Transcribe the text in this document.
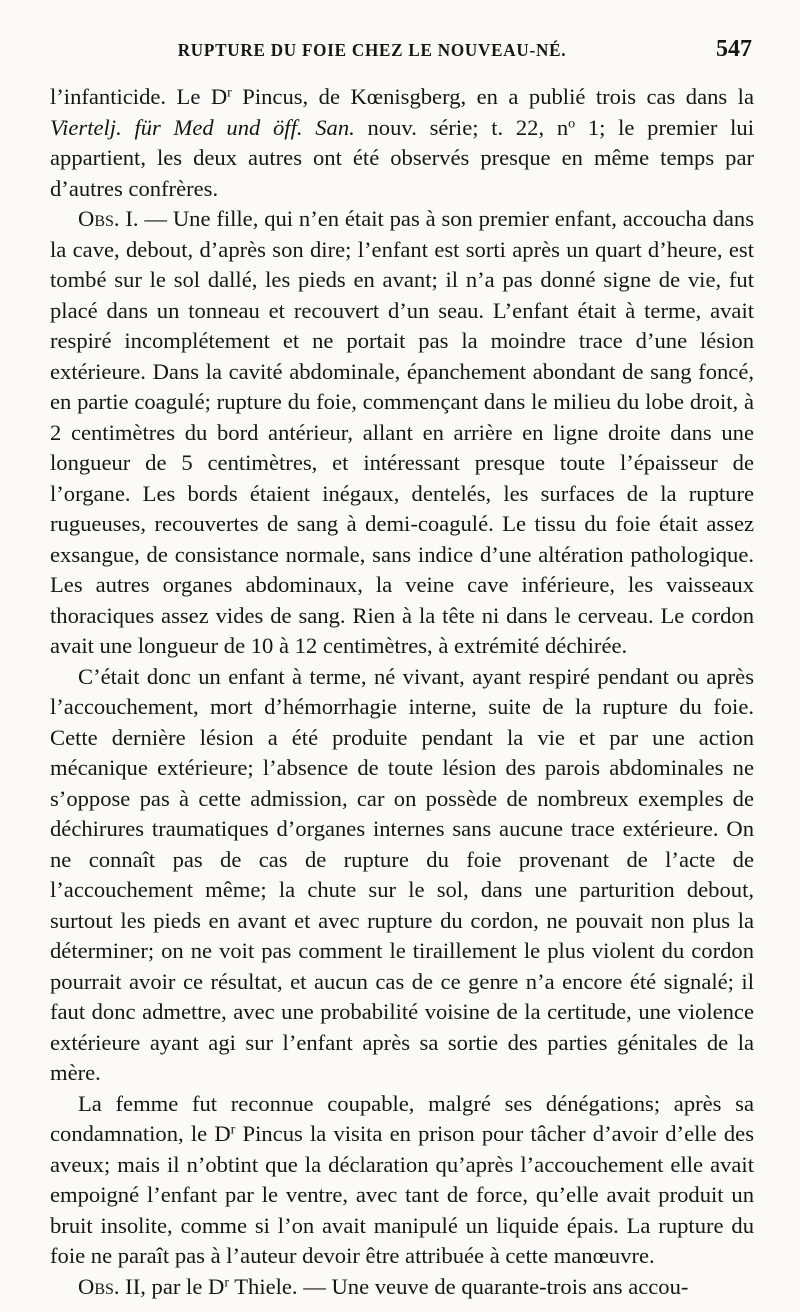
RUPTURE DU FOIE CHEZ LE NOUVEAU-NÉ.	547

l’infanticide. Le $D^r$ Pincus, de Kœnisgberg, en a publié trois cas dans la Viertelj. für Med und öff. San. nouv. série; t. 22, $n^o$ 1; le premier lui appartient, les deux autres ont été observés presque en même temps par d’autres confrères.

Obs. I. — Une fille, qui n’en était pas à son premier enfant, accoucha dans la cave, debout, d’après son dire; l’enfant est sorti après un quart d’heure, est tombé sur le sol dallé, les pieds en avant; il n’a pas donné signe de vie, fut placé dans un tonneau et recouvert d’un seau. L’enfant était à terme, avait respiré incomplétement et ne portait pas la moindre trace d’une lésion extérieure. Dans la cavité abdominale, épanchement abondant de sang foncé, en partie coagulé; rupture du foie, commençant dans le milieu du lobe droit, à 2 centimètres du bord antérieur, allant en arrière en ligne droite dans une longueur de 5 centimètres, et intéressant presque toute l’épaisseur de l’organe. Les bords étaient inégaux, dentelés, les surfaces de la rupture rugueuses, recouvertes de sang à demi-coagulé. Le tissu du foie était assez exsangue, de consistance normale, sans indice d’une altération pathologique. Les autres organes abdominaux, la veine cave inférieure, les vaisseaux thoraciques assez vides de sang. Rien à la tête ni dans le cerveau. Le cordon avait une longueur de 10 à 12 centimètres, à extrémité déchirée.

C’était donc un enfant à terme, né vivant, ayant respiré pendant ou après l’accouchement, mort d’hémorrhagie interne, suite de la rupture du foie. Cette dernière lésion a été produite pendant la vie et par une action mécanique extérieure; l’absence de toute lésion des parois abdominales ne s’oppose pas à cette admission, car on possède de nombreux exemples de déchirures traumatiques d’organes internes sans aucune trace extérieure. On ne connaît pas de cas de rupture du foie provenant de l’acte de l’accouchement même; la chute sur le sol, dans une parturition debout, surtout les pieds en avant et avec rupture du cordon, ne pouvait non plus la déterminer; on ne voit pas comment le tiraillement le plus violent du cordon pourrait avoir ce résultat, et aucun cas de ce genre n’a encore été signalé; il faut donc admettre, avec une probabilité voisine de la certitude, une violence extérieure ayant agi sur l’enfant après sa sortie des parties génitales de la mère.

La femme fut reconnue coupable, malgré ses dénégations; après sa condamnation, le $D^r$ Pincus la visita en prison pour tâcher d’avoir d’elle des aveux; mais il n’obtint que la déclaration qu’après l’accouchement elle avait empoigné l’enfant par le ventre, avec tant de force, qu’elle avait produit un bruit insolite, comme si l’on avait manipulé un liquide épais. La rupture du foie ne paraît pas à l’auteur devoir être attribuée à cette manœuvre.

Obs. II, par le $D^r$ Thiele. — Une veuve de quarante-trois ans accou-
